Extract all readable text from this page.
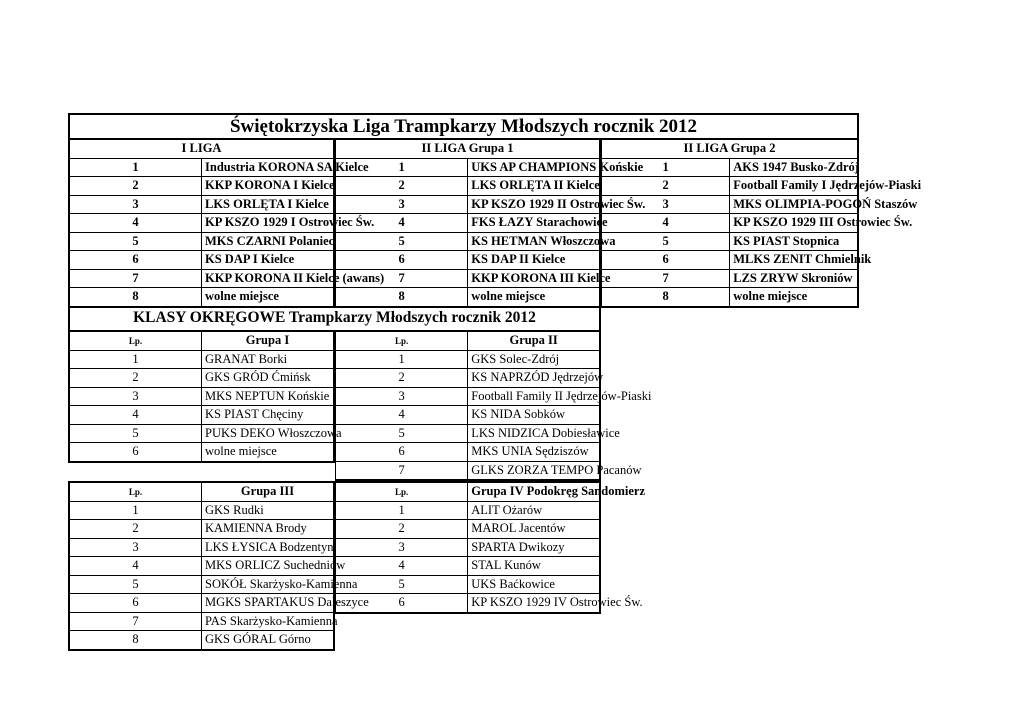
Świętokrzyska Liga Trampkarzy Młodszych rocznik 2012
I LIGA	
1	Industria KORONA SA Kielce
2	KKP KORONA I Kielce
3	LKS ORLĘTA I Kielce
4	KP KSZO 1929 I Ostrowiec Św.
5	MKS CZARNI Polaniec
6	KS DAP I Kielce
7	KKP KORONA II Kielce (awans)
8	wolne miejsce
II LIGA Grupa 1	
1	UKS AP CHAMPIONS Końskie
2	LKS ORLĘTA II Kielce
3	KP KSZO 1929 II Ostrowiec Św.
4	FKS ŁAZY Starachowice
5	KS HETMAN Włoszczowa
6	KS DAP II Kielce
7	KKP KORONA III Kielce
8	wolne miejsce
II LIGA Grupa 2	
1	AKS 1947 Busko-Zdrój
2	Football Family I Jędrzejów-Piaski
3	MKS OLIMPIA-POGOŃ Staszów
4	KP KSZO 1929 III Ostrowiec Św.
5	KS PIAST Stopnica
6	MLKS ZENIT Chmielnik
7	LZS ZRYW Skroniów
8	wolne miejsce
KLASY OKRĘGOWE Trampkarzy Młodszych rocznik 2012
Lp.	Grupa I
1	GRANAT Borki
2	GKS GRÓD Ćmińsk
3	MKS NEPTUN Końskie
4	KS PIAST Chęciny
5	PUKS DEKO Włoszczowa
6	wolne miejsce
Lp.	Grupa II
1	GKS Solec-Zdrój
2	KS NAPRZÓD Jędrzejów
3	Football Family II Jędrzejów-Piaski
4	KS NIDA Sobków
5	LKS NIDZICA Dobiesławice
6	MKS UNIA Sędziszów
7	GLKS ZORZA TEMPO Pacanów
Lp.	Grupa III
1	GKS Rudki
2	KAMIENNA Brody
3	LKS ŁYSICA Bodzentyn
4	MKS ORLICZ Suchedniów
5	SOKÓŁ Skarżysko-Kamienna
6	MGKS SPARTAKUS Daleszyce
7	PAS Skarżysko-Kamienna
8	GKS GÓRAL Górno
Lp.	Grupa IV Podokręg Sandomierz
1	ALIT Ożarów
2	MAROL Jacentów
3	SPARTA Dwikozy
4	STAL Kunów
5	UKS Baćkowice
6	KP KSZO 1929 IV Ostrowiec Św.
